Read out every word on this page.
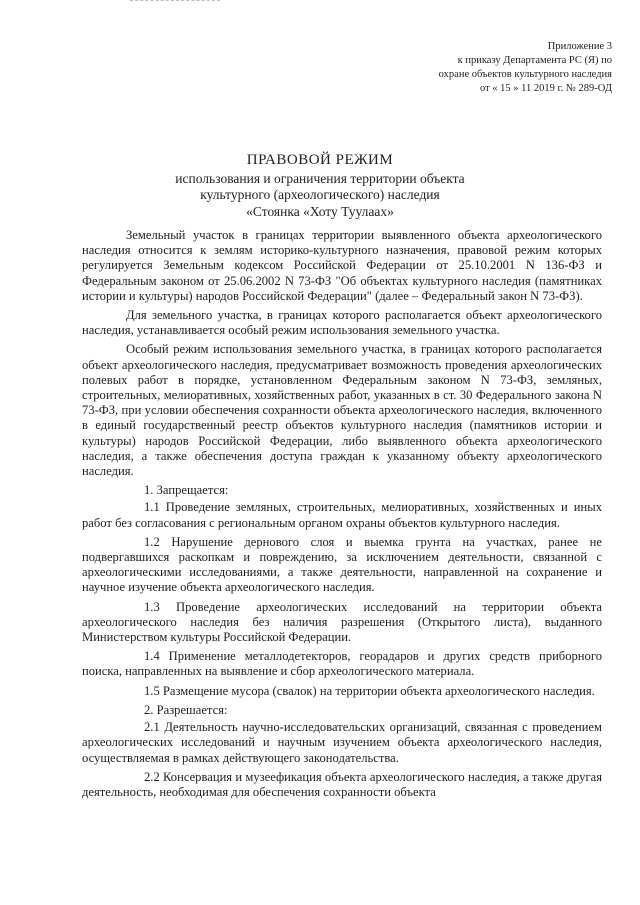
Приложение 3
к приказу Департамента РС (Я) по
охране объектов культурного наследия
от « 15 » 11 2019 г. № 289-ОД
ПРАВОВОЙ РЕЖИМ
использования и ограничения территории объекта
культурного (археологического) наследия
«Стоянка «Хоту Туулаах»

Земельный участок в границах территории выявленного объекта археологического наследия относится к землям историко-культурного назначения, правовой режим которых регулируется Земельным кодексом Российской Федерации от 25.10.2001 N 136-ФЗ и Федеральным законом от 25.06.2002 N 73-ФЗ "Об объектах культурного наследия (памятниках истории и культуры) народов Российской Федерации" (далее – Федеральный закон N 73-ФЗ).

Для земельного участка, в границах которого располагается объект археологического наследия, устанавливается особый режим использования земельного участка.

Особый режим использования земельного участка, в границах которого располагается объект археологического наследия, предусматривает возможность проведения археологических полевых работ в порядке, установленном Федеральным законом N 73-ФЗ, земляных, строительных, мелиоративных, хозяйственных работ, указанных в ст. 30 Федерального закона N 73-ФЗ, при условии обеспечения сохранности объекта археологического наследия, включенного в единый государственный реестр объектов культурного наследия (памятников истории и культуры) народов Российской Федерации, либо выявленного объекта археологического наследия, а также обеспечения доступа граждан к указанному объекту археологического наследия.

1. Запрещается:

1.1 Проведение земляных, строительных, мелиоративных, хозяйственных и иных работ без согласования с региональным органом охраны объектов культурного наследия.

1.2 Нарушение дернового слоя и выемка грунта на участках, ранее не подвергавшихся раскопкам и повреждению, за исключением деятельности, связанной с археологическими исследованиями, а также деятельности, направленной на сохранение и научное изучение объекта археологического наследия.

1.3 Проведение археологических исследований на территории объекта археологического наследия без наличия разрешения (Открытого листа), выданного Министерством культуры Российской Федерации.

1.4 Применение металлодетекторов, георадаров и других средств приборного поиска, направленных на выявление и сбор археологического материала.

1.5 Размещение мусора (свалок) на территории объекта археологического наследия.

2. Разрешается:

2.1 Деятельность научно-исследовательских организаций, связанная с проведением археологических исследований и научным изучением объекта археологического наследия, осуществляемая в рамках действующего законодательства.

2.2 Консервация и музеефикация объекта археологического наследия, а также другая деятельность, необходимая для обеспечения сохранности объекта
